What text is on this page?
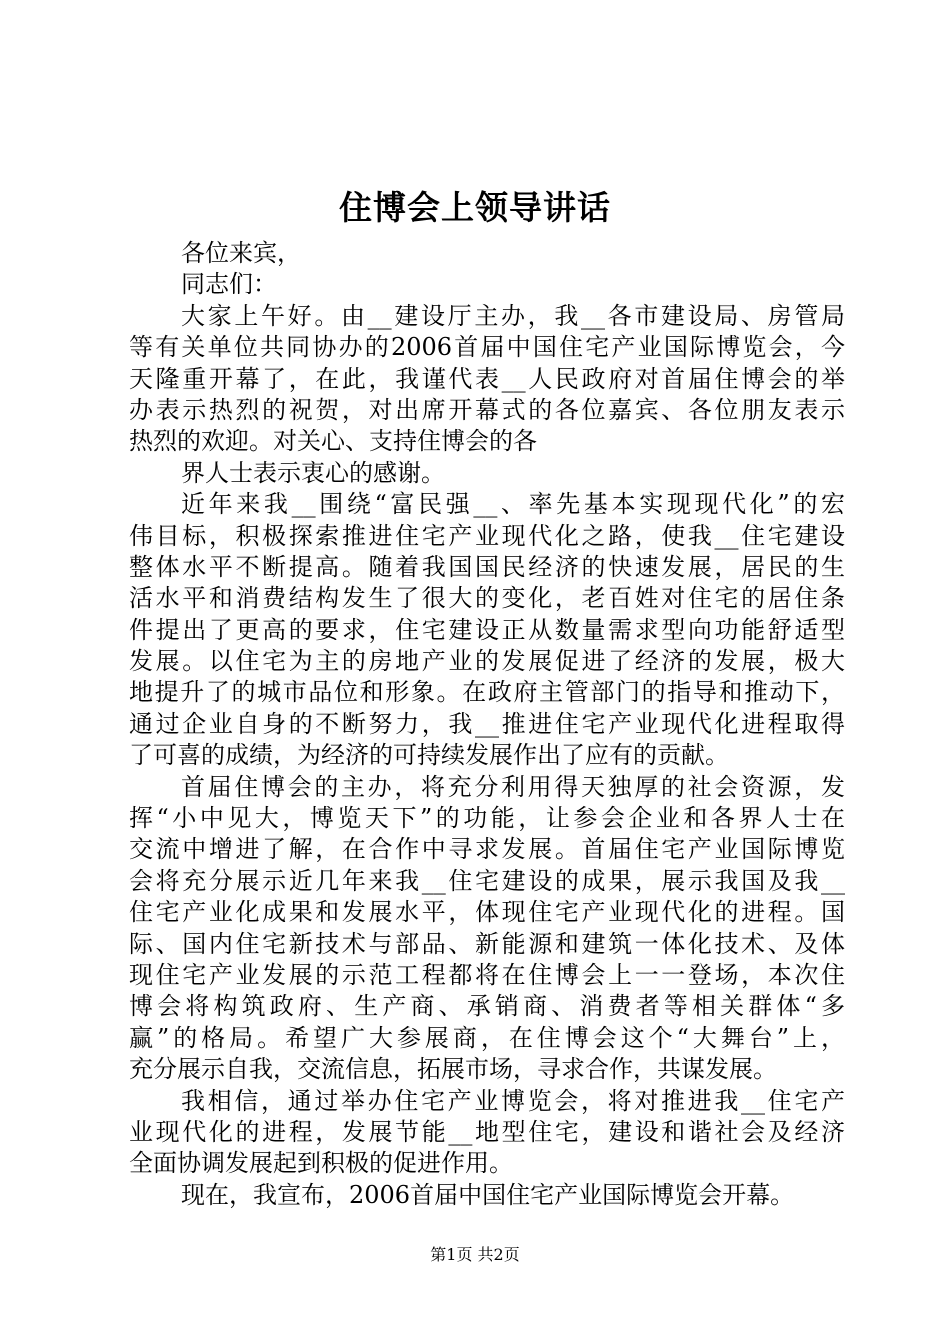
住博会上领导讲话
各位来宾，
同志们：
大家上午好。由__建设厅主办，我__各市建设局、房管局
等有关单位共同协办的2006首届中国住宅产业国际博览会，今
天隆重开幕了，在此，我谨代表__人民政府对首届住博会的举
办表示热烈的祝贺，对出席开幕式的各位嘉宾、各位朋友表示
热烈的欢迎。对关心、支持住博会的各
界人士表示衷心的感谢。
近年来我__围绕“富民强__、率先基本实现现代化”的宏
伟目标，积极探索推进住宅产业现代化之路，使我__住宅建设
整体水平不断提高。随着我国国民经济的快速发展，居民的生
活水平和消费结构发生了很大的变化，老百姓对住宅的居住条
件提出了更高的要求，住宅建设正从数量需求型向功能舒适型
发展。以住宅为主的房地产业的发展促进了经济的发展，极大
地提升了的城市品位和形象。在政府主管部门的指导和推动下，
通过企业自身的不断努力，我__推进住宅产业现代化进程取得
了可喜的成绩，为经济的可持续发展作出了应有的贡献。
首届住博会的主办，将充分利用得天独厚的社会资源，发
挥“小中见大，博览天下”的功能，让参会企业和各界人士在
交流中增进了解，在合作中寻求发展。首届住宅产业国际博览
会将充分展示近几年来我__住宅建设的成果，展示我国及我__
住宅产业化成果和发展水平，体现住宅产业现代化的进程。国
际、国内住宅新技术与部品、新能源和建筑一体化技术、及体
现住宅产业发展的示范工程都将在住博会上一一登场，本次住
博会将构筑政府、生产商、承销商、消费者等相关群体“多
赢”的格局。希望广大参展商，在住博会这个“大舞台”上，
充分展示自我，交流信息，拓展市场，寻求合作，共谋发展。
我相信，通过举办住宅产业博览会，将对推进我__住宅产
业现代化的进程，发展节能__地型住宅，建设和谐社会及经济
全面协调发展起到积极的促进作用。
现在，我宣布，2006首届中国住宅产业国际博览会开幕。
第1页 共2页
